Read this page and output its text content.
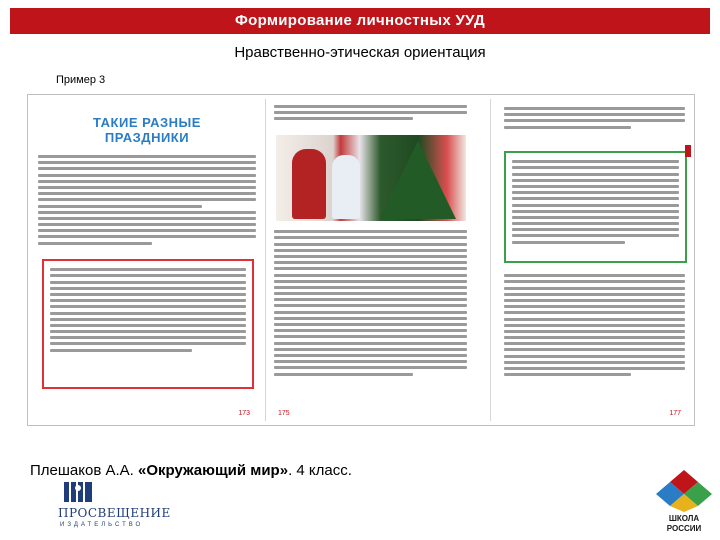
Формирование личностных УУД
Нравственно-этическая ориентация
Пример 3
ТАКИЕ РАЗНЫЕ
ПРАЗДНИКИ
173	175	177
Плешаков А.А. «Окружающий мир». 4 класс.
ПРОСВЕЩЕНИЕ
ИЗДАТЕЛЬСТВО
ШКОЛА
РОССИИ
